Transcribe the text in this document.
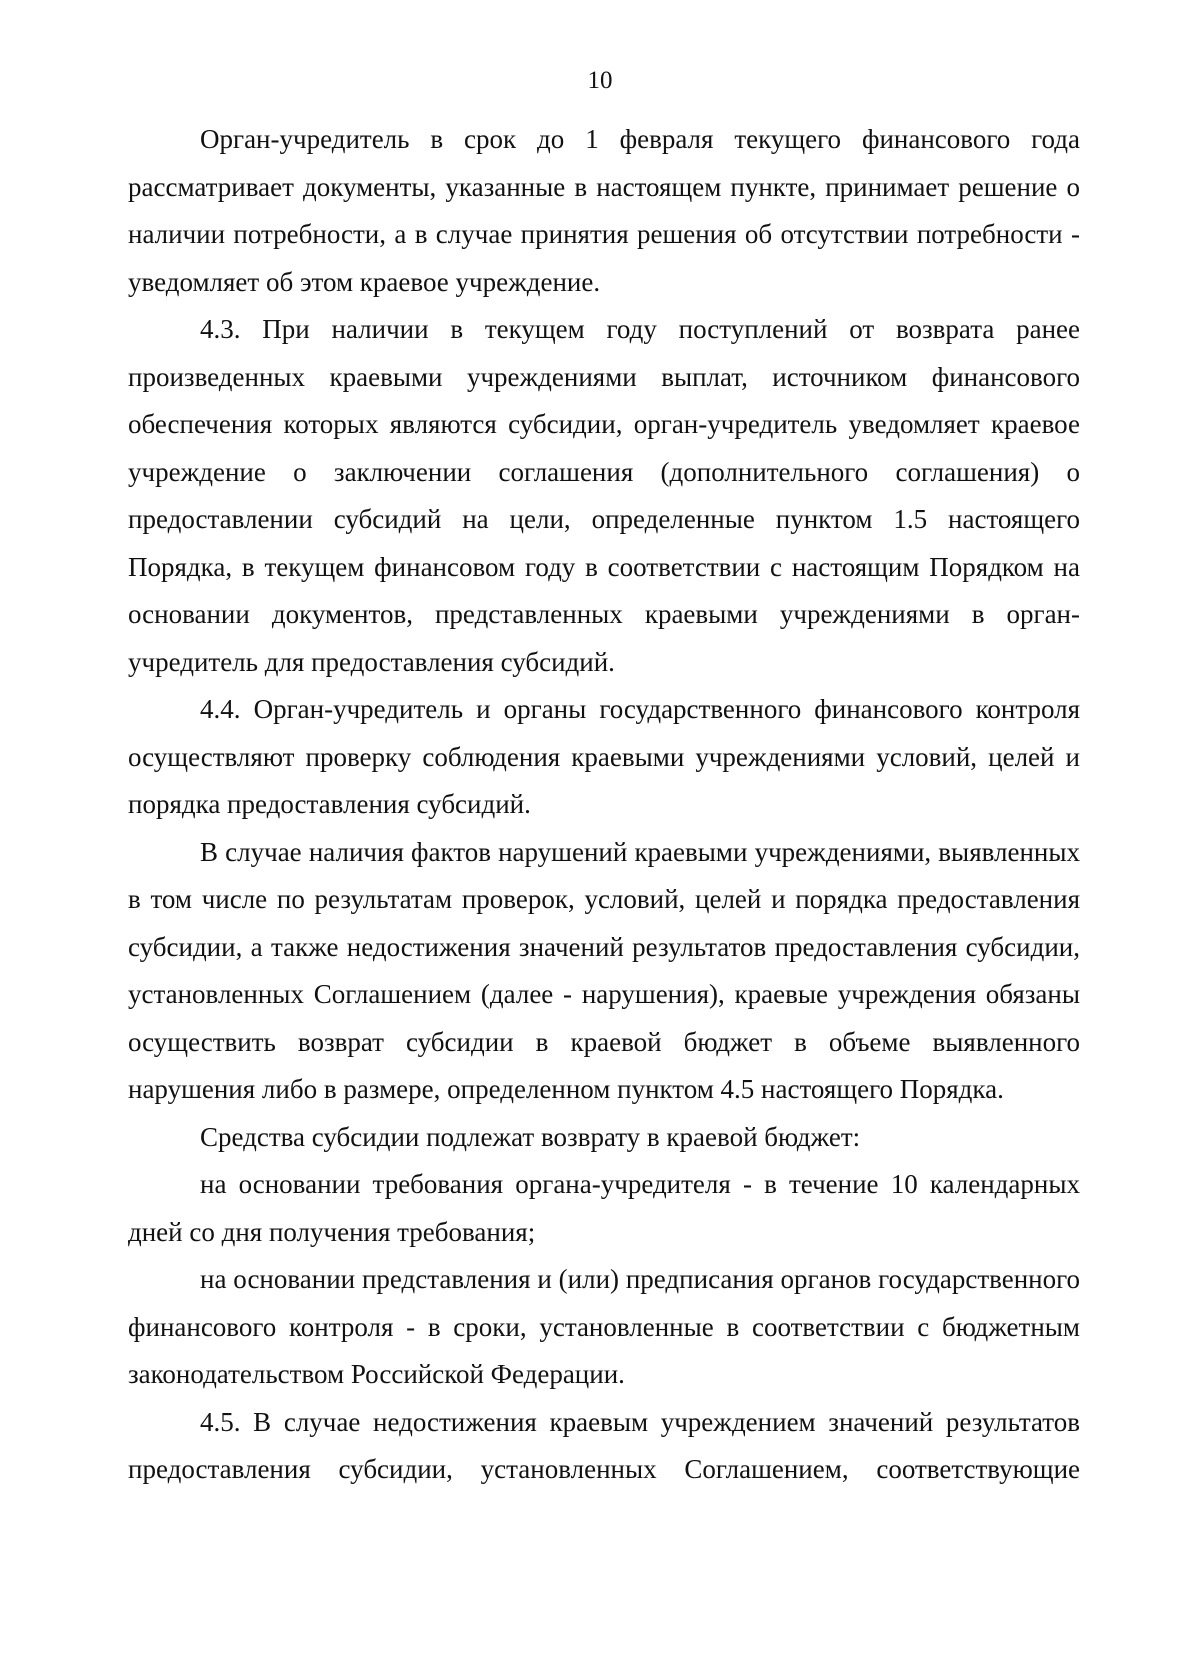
10

Орган-учредитель в срок до 1 февраля текущего финансового года рассматривает документы, указанные в настоящем пункте, принимает решение о наличии потребности, а в случае принятия решения об отсутствии потребности - уведомляет об этом краевое учреждение.

4.3. При наличии в текущем году поступлений от возврата ранее произведенных краевыми учреждениями выплат, источником финансового обеспечения которых являются субсидии, орган-учредитель уведомляет краевое учреждение о заключении соглашения (дополнительного соглашения) о предоставлении субсидий на цели, определенные пунктом 1.5 настоящего Порядка, в текущем финансовом году в соответствии с настоящим Порядком на основании документов, представленных краевыми учреждениями в орган-учредитель для предоставления субсидий.

4.4. Орган-учредитель и органы государственного финансового контроля осуществляют проверку соблюдения краевыми учреждениями условий, целей и порядка предоставления субсидий.

В случае наличия фактов нарушений краевыми учреждениями, выявленных в том числе по результатам проверок, условий, целей и порядка предоставления субсидии, а также недостижения значений результатов предоставления субсидии, установленных Соглашением (далее - нарушения), краевые учреждения обязаны осуществить возврат субсидии в краевой бюджет в объеме выявленного нарушения либо в размере, определенном пунктом 4.5 настоящего Порядка.

Средства субсидии подлежат возврату в краевой бюджет:

на основании требования органа-учредителя - в течение 10 календарных дней со дня получения требования;

на основании представления и (или) предписания органов государственного финансового контроля - в сроки, установленные в соответствии с бюджетным законодательством Российской Федерации.

4.5. В случае недостижения краевым учреждением значений результатов предоставления субсидии, установленных Соглашением, соответствующие
